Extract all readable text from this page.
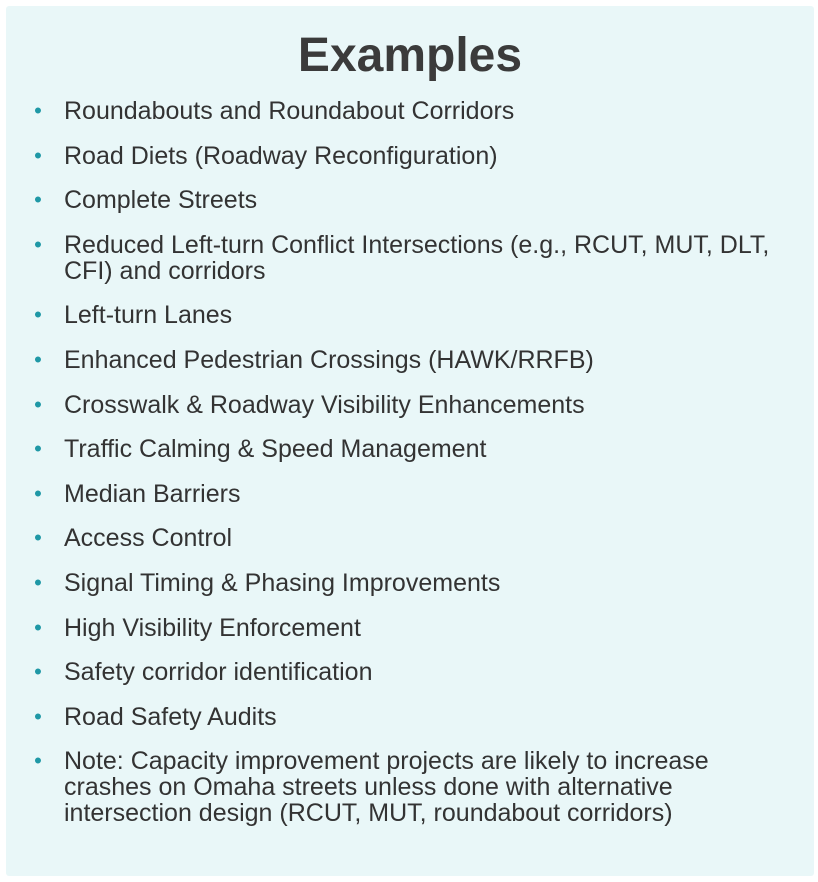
Examples
• Roundabouts and Roundabout Corridors
• Road Diets (Roadway Reconfiguration)
• Complete Streets
• Reduced Left-turn Conflict Intersections (e.g., RCUT, MUT, DLT, CFI) and corridors
• Left-turn Lanes
• Enhanced Pedestrian Crossings (HAWK/RRFB)
• Crosswalk & Roadway Visibility Enhancements
• Traffic Calming & Speed Management
• Median Barriers
• Access Control
• Signal Timing & Phasing Improvements
• High Visibility Enforcement
• Safety corridor identification
• Road Safety Audits
• Note: Capacity improvement projects are likely to increase crashes on Omaha streets unless done with alternative intersection design (RCUT, MUT, roundabout corridors)
